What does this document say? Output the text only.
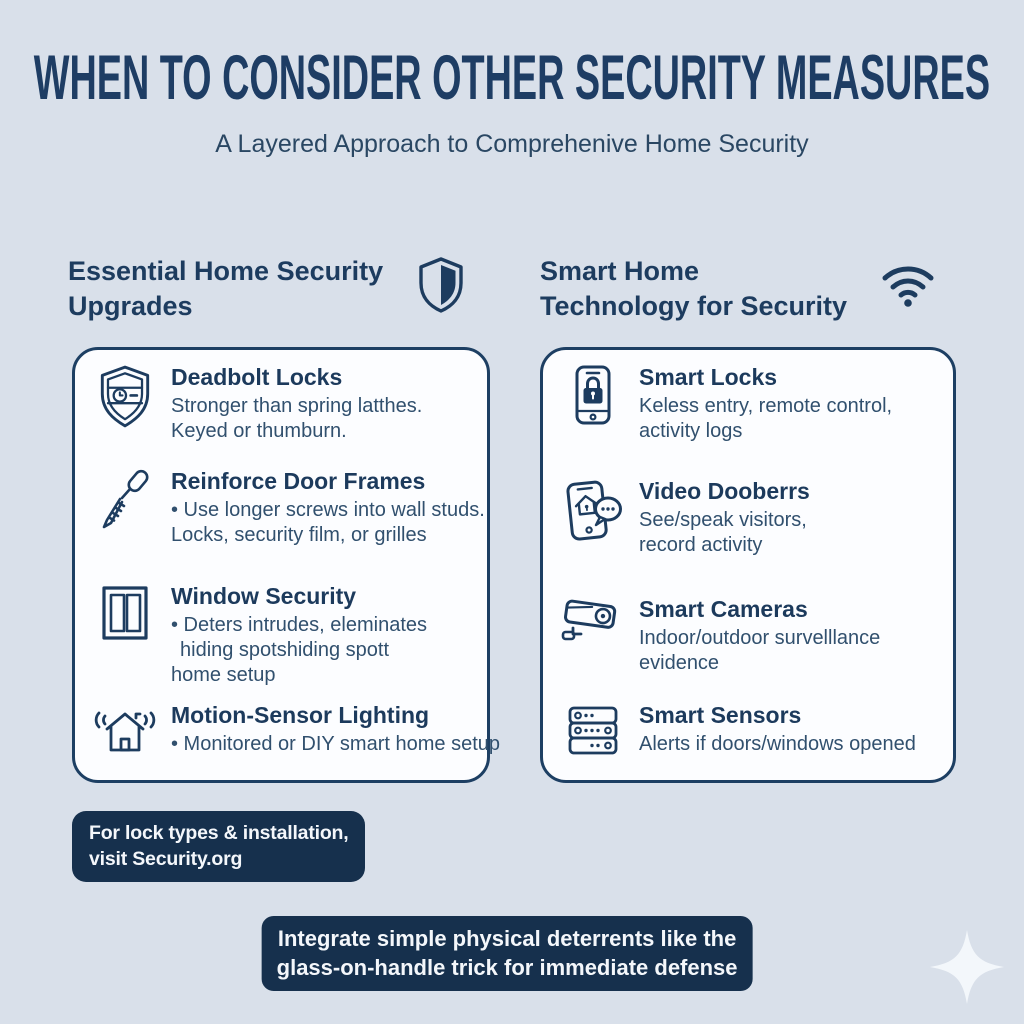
WHEN TO CONSIDER OTHER SECURITY MEASURES
A Layered Approach to Comprehenive Home Security
Essential Home Security
Upgrades
Smart Home
Technology for Security
Deadbolt Locks
Stronger than spring latthes.
Keyed or thumburn.
Reinforce Door Frames
• Use longer screws into wall studs.
Locks, security film, or grilles
Window Security
• Deters intrudes, eleminates
hiding spotshiding spott
home setup
Motion-Sensor Lighting
• Monitored or DIY smart home setup
Smart Locks
Keless entry, remote control,
activity logs
Video Dooberrs
See/speak visitors,
record activity
Smart Cameras
Indoor/outdoor survelllance
evidence
Smart Sensors
Alerts if doors/windows opened
For lock types & installation,
visit Security.org
Integrate simple physical deterrents like the
glass-on-handle trick for immediate defense
